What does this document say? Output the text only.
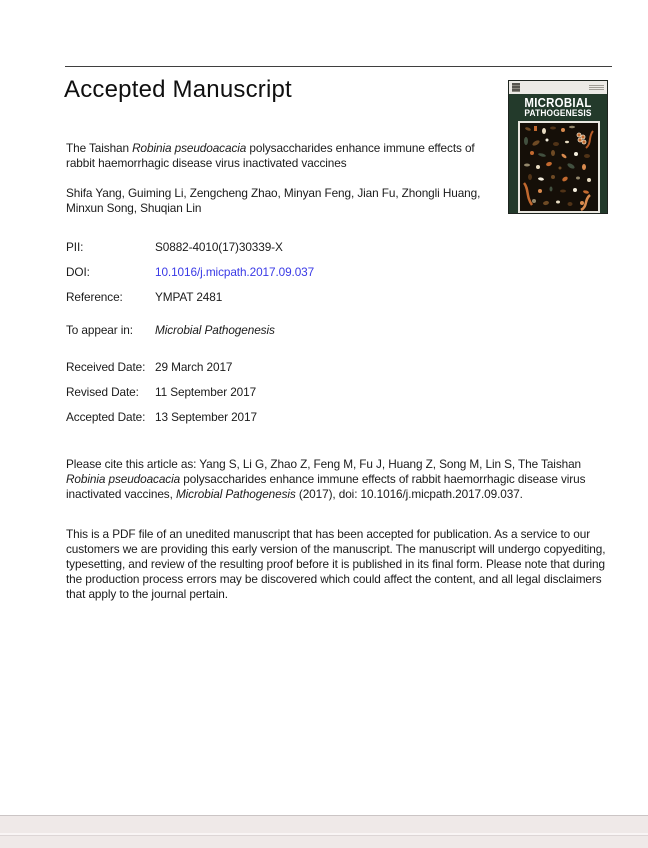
Accepted Manuscript	MICROBIAL
PATHOGENESIS
The Taishan Robinia pseudoacacia polysaccharides enhance immune effects of
rabbit haemorrhagic disease virus inactivated vaccines
Shifa Yang, Guiming Li, Zengcheng Zhao, Minyan Feng, Jian Fu, Zhongli Huang,
Minxun Song, Shuqian Lin
PII:	S0882-4010(17)30339-X
DOI:	10.1016/j.micpath.2017.09.037
Reference:	YMPAT 2481
To appear in:	Microbial Pathogenesis
Received Date: 29 March 2017
Revised Date:	11 September 2017
Accepted Date: 13 September 2017
Please cite this article as: Yang S, Li G, Zhao Z, Feng M, Fu J, Huang Z, Song M, Lin S, The Taishan Robinia pseudoacacia polysaccharides enhance immune effects of rabbit haemorrhagic disease virus inactivated vaccines, Microbial Pathogenesis (2017), doi: 10.1016/j.micpath.2017.09.037.
This is a PDF file of an unedited manuscript that has been accepted for publication. As a service to our customers we are providing this early version of the manuscript. The manuscript will undergo copyediting, typesetting, and review of the resulting proof before it is published in its final form. Please note that during the production process errors may be discovered which could affect the content, and all legal disclaimers that apply to the journal pertain.
